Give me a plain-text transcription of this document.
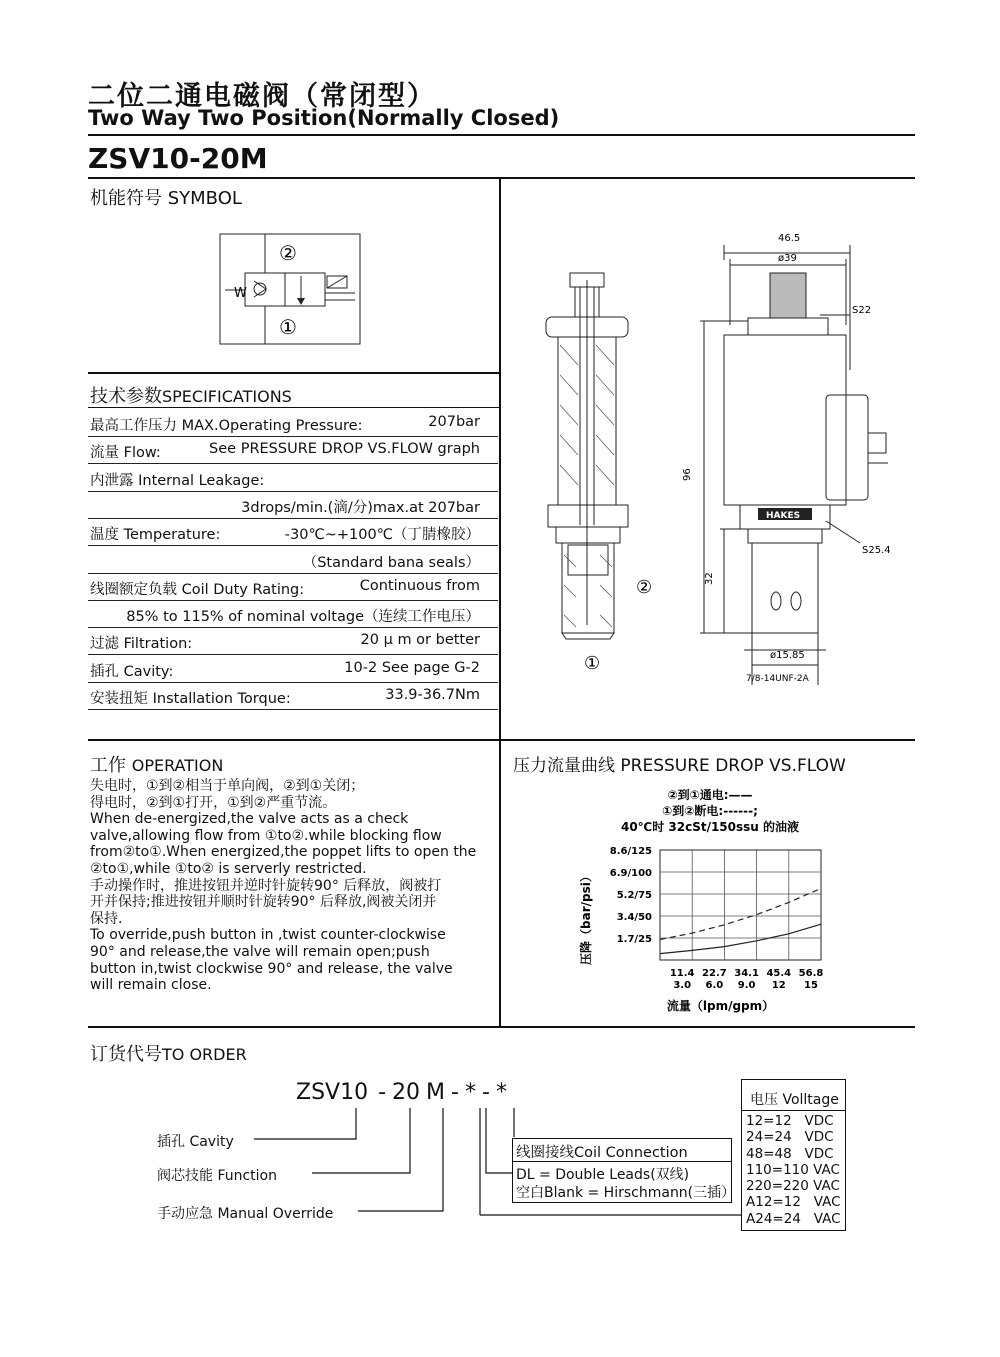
二位二通电磁阀（常闭型）
Two Way Two Position(Normally Closed)
ZSV10-20M
机能符号 SYMBOL
W
②
①
技术参数SPECIFICATIONS
最高工作压力 MAX.Operating Pressure:	207bar
流量 Flow:	See PRESSURE DROP VS.FLOW graph
内泄露 Internal Leakage:
3drops/min.(滴/分)max.at 207bar
温度 Temperature:	-30℃~+100℃（丁腈橡胶）
（Standard bana seals）
线圈额定负载 Coil Duty Rating:	Continuous from
85% to 115% of nominal voltage（连续工作电压）
过滤 Filtration:	20 μ m or better
插孔 Cavity:	10-2 See page G-2
安装扭矩 Installation Torque:	33.9-36.7Nm
②
①
HAKES
46.5
ø39
S22
96
32
S25.4
ø15.85
7/8-14UNF-2A
工作 OPERATION
失电时，①到②相当于单向阀，②到①关闭；
得电时，②到①打开，①到②严重节流。
When de-energized,the valve acts as a check
valve,allowing flow from ①to②.while blocking flow
from②to①.When energized,the poppet lifts to open the
②to①,while ①to② is serverly restricted.
手动操作时，推进按钮并逆时针旋转90° 后释放，阀被打
开并保持;推进按钮并顺时针旋转90° 后释放,阀被关闭并
保持.
To override,push button in ,twist counter-clockwise
90° and release,the valve will remain open;push
button in,twist clockwise 90° and release, the valve
will remain close.
压力流量曲线 PRESSURE DROP VS.FLOW
②到①通电:——
①到②断电:------;
40℃时 32cSt/150ssu 的油液
8.6/125
6.9/100
5.2/75
3.4/50
1.7/25
11.4 22.7 34.1 45.4 56.8
3.0 6.0 9.0 12 15
压降（bar/psi）
流量（lpm/gpm）
订货代号TO ORDER
ZSV10 - 20 M - * - *
插孔 Cavity
阀芯技能 Function
手动应急 Manual Override
线圈接线Coil Connection
DL = Double Leads(双线)
空白Blank = Hirschmann(三插）
电压 Volltage
12=12   VDC
24=24   VDC
48=48   VDC
110=110 VAC
220=220 VAC
A12=12   VAC
A24=24   VAC
